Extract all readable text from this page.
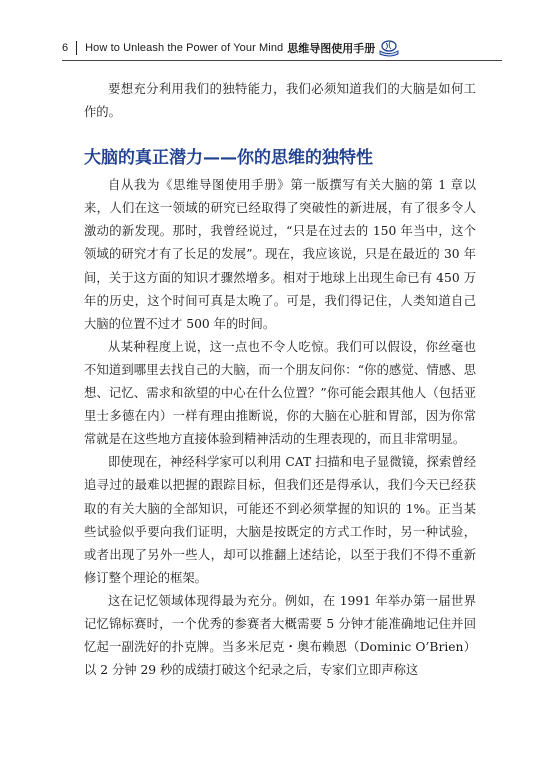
6 How to Unleash the Power of Your Mind 思维导图使用手册

要想充分利用我们的独特能力，我们必须知道我们的大脑是如何工作的。

大脑的真正潜力——你的思维的独特性

自从我为《思维导图使用手册》第一版撰写有关大脑的第 1 章以来，人们在这一领域的研究已经取得了突破性的新进展，有了很多令人激动的新发现。那时，我曾经说过，“只是在过去的 150 年当中，这个领域的研究才有了长足的发展”。现在，我应该说，只是在最近的 30 年间，关于这方面的知识才骤然增多。相对于地球上出现生命已有 450 万年的历史，这个时间可真是太晚了。可是，我们得记住，人类知道自己大脑的位置不过才 500 年的时间。

从某种程度上说，这一点也不令人吃惊。我们可以假设，你丝毫也不知道到哪里去找自己的大脑，而一个朋友问你：“你的感觉、情感、思想、记忆、需求和欲望的中心在什么位置？”你可能会跟其他人（包括亚里士多德在内）一样有理由推断说，你的大脑在心脏和胃部，因为你常常就是在这些地方直接体验到精神活动的生理表现的，而且非常明显。

即使现在，神经科学家可以利用 CAT 扫描和电子显微镜，探索曾经追寻过的最难以把握的跟踪目标，但我们还是得承认，我们今天已经获取的有关大脑的全部知识，可能还不到必须掌握的知识的 1%。正当某些试验似乎要向我们证明，大脑是按既定的方式工作时，另一种试验，或者出现了另外一些人，却可以推翻上述结论，以至于我们不得不重新修订整个理论的框架。

这在记忆领域体现得最为充分。例如，在 1991 年举办第一届世界记忆锦标赛时，一个优秀的参赛者大概需要 5 分钟才能准确地记住并回忆起一副洗好的扑克牌。当多米尼克・奥布赖恩（Dominic O’Brien）以 2 分钟 29 秒的成绩打破这个纪录之后，专家们立即声称这
